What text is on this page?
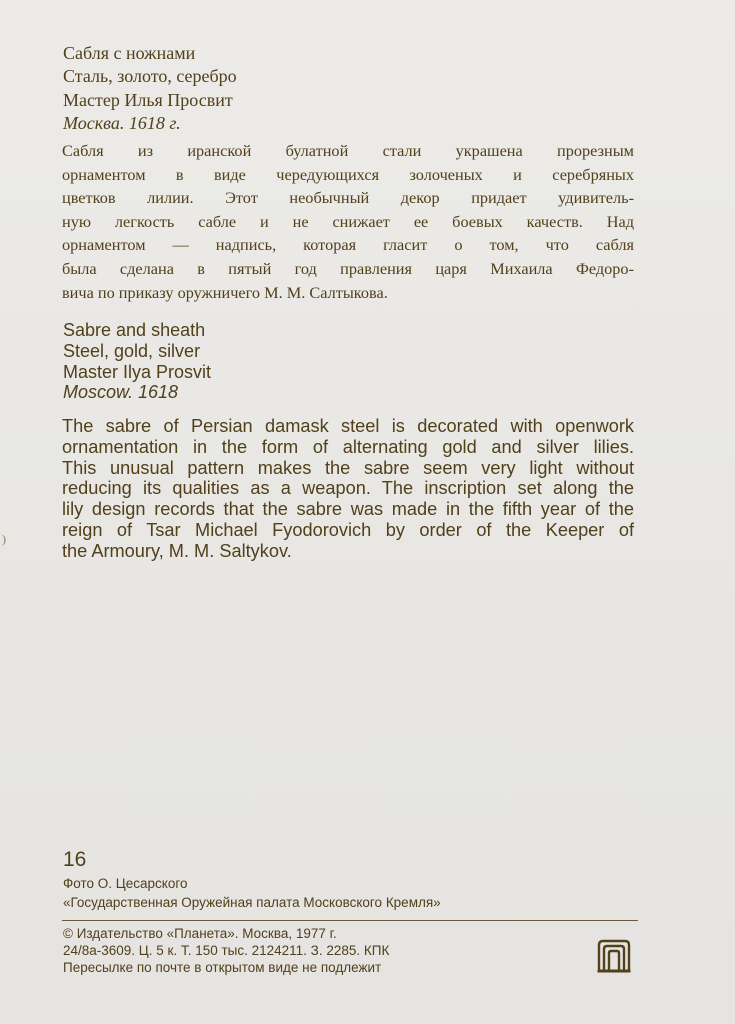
Сабля с ножнами
Сталь, золото, серебро
Мастер Илья Просвит
Москва. 1618 г.
Сабля из иранской булатной стали украшена прорезным
орнаментом в виде чередующихся золоченых и серебряных
цветков лилии. Этот необычный декор придает удивитель-
ную легкость сабле и не снижает ее боевых качеств. Над
орнаментом — надпись, которая гласит о том, что сабля
была сделана в пятый год правления царя Михаила Федоро-
вича по приказу оружничего М. М. Салтыкова.
Sabre and sheath
Steel, gold, silver
Master Ilya Prosvit
Moscow. 1618
The sabre of Persian damask steel is decorated with openwork
ornamentation in the form of alternating gold and silver lilies.
This unusual pattern makes the sabre seem very light without
reducing its qualities as a weapon. The inscription set along the
lily design records that the sabre was made in the fifth year of the
reign of Tsar Michael Fyodorovich by order of the Keeper of
the Armoury, M. M. Saltykov.
)
16
Фото О. Цесарского
«Государственная Оружейная палата Московского Кремля»
© Издательство «Планета». Москва, 1977 г.
24/8а-3609. Ц. 5 к. Т. 150 тыс. 2124211. З. 2285. КПК
Пересылке по почте в открытом виде не подлежит
